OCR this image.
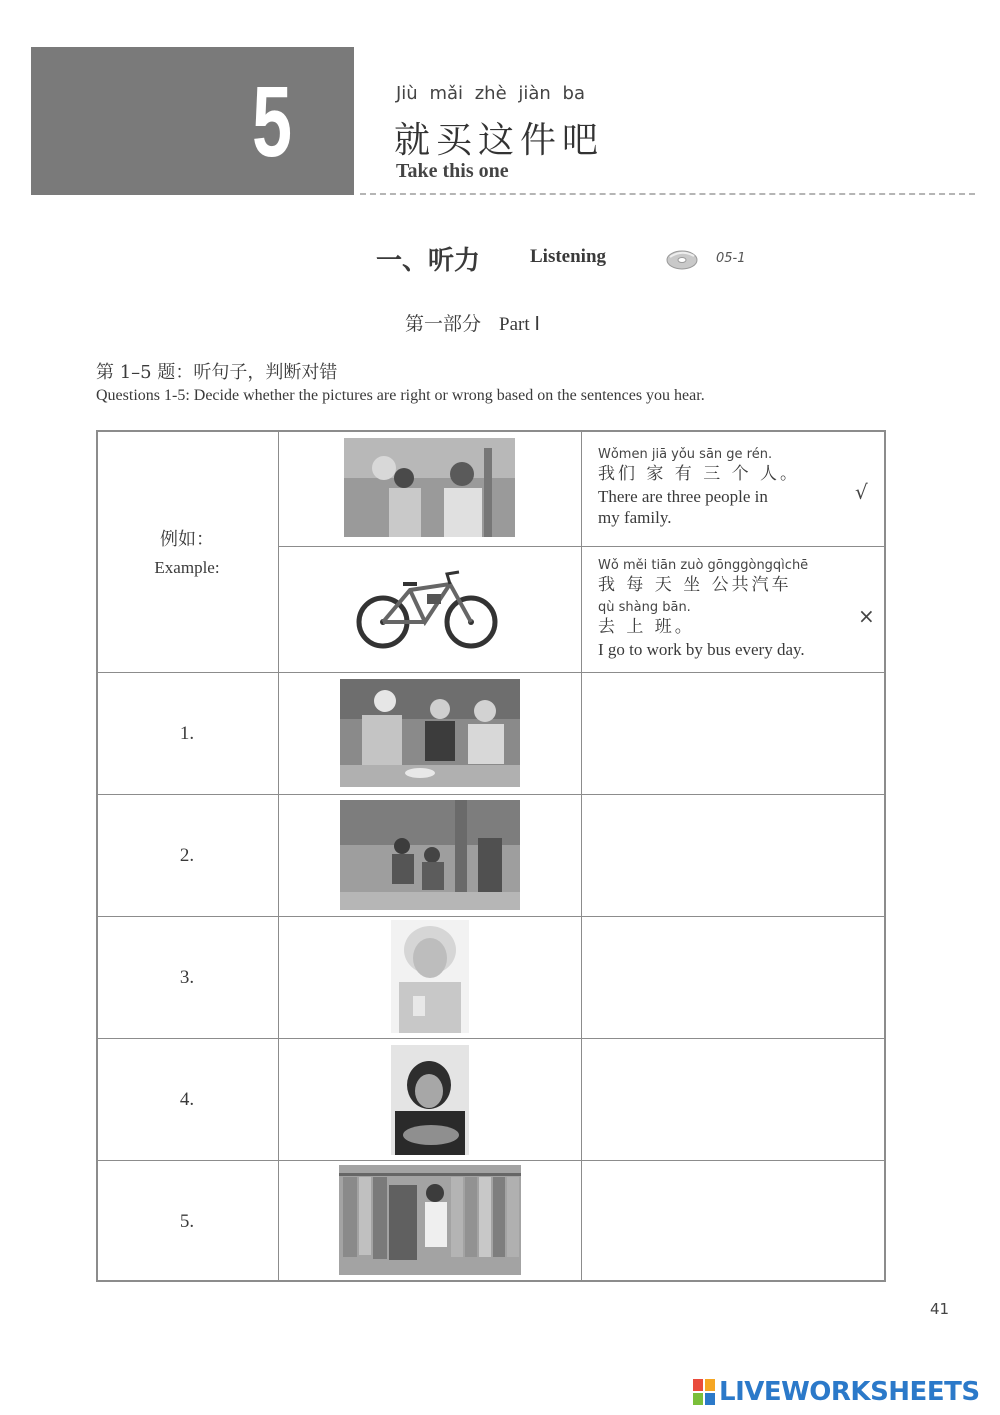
5	Jiù mǎi zhè jiàn ba
就买这件吧
Take this one
一、听力	Listening	05-1
第一部分 Part Ⅰ
第 1–5 题：听句子，判断对错
Questions 1-5: Decide whether the pictures are right or wrong based on the sentences you hear.
例如：
Example:
Wǒmen jiā yǒu sān ge rén.
我们 家 有 三 个 人。
There are three people in
my family.
√
Wǒ měi tiān zuò gōnggòngqìchē
我 每 天 坐 公共汽车
qù shàng bān.
去 上 班。
I go to work by bus every day.
×
1.
2.
3.
4.
5.
41
LIVEWORKSHEETS
